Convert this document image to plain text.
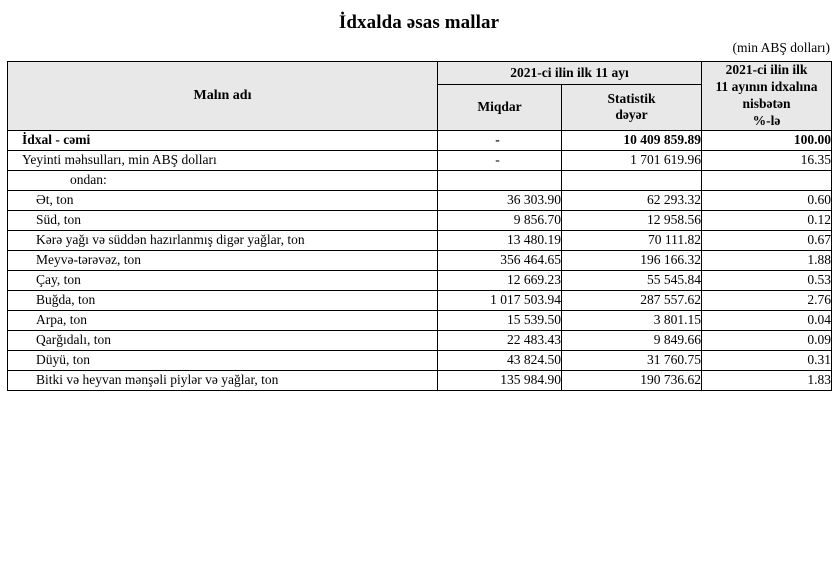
İdxalda əsas mallar
(min ABŞ dolları)
Malın adı	2021-ci ilin ilk 11 ayı		2021-ci ilin ilk
11 ayının idxalına
nisbətən
%-lə
	Miqdar	Statistik
dəyər	
İdxal - cəmi	-	10 409 859.89	100.00
Yeyinti məhsulları, min ABŞ dolları	-	1 701 619.96	16.35
ondan:			
Ət, ton	36 303.90	62 293.32	0.60
Süd, ton	9 856.70	12 958.56	0.12
Kərə yağı və süddən hazırlanmış digər yağlar, ton	13 480.19	70 111.82	0.67
Meyvə-tərəvəz, ton	356 464.65	196 166.32	1.88
Çay, ton	12 669.23	55 545.84	0.53
Buğda, ton	1 017 503.94	287 557.62	2.76
Arpa, ton	15 539.50	3 801.15	0.04
Qarğıdalı, ton	22 483.43	9 849.66	0.09
Düyü, ton	43 824.50	31 760.75	0.31
Bitki və heyvan mənşəli piylər və yağlar, ton	135 984.90	190 736.62	1.83
